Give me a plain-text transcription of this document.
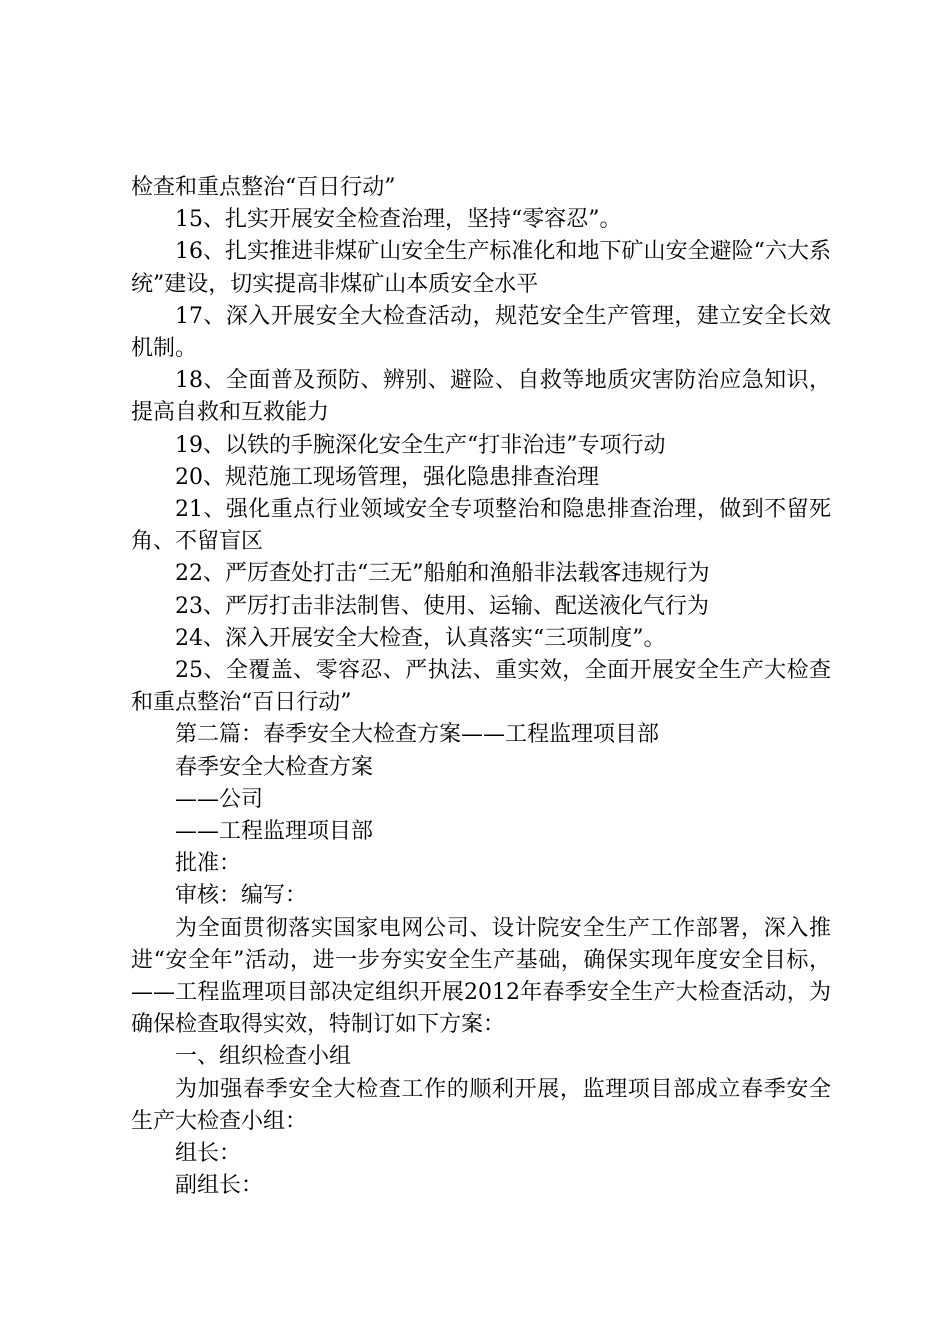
检查和重点整治“百日行动”

15、扎实开展安全检查治理，坚持“零容忍”。

16、扎实推进非煤矿山安全生产标准化和地下矿山安全避险“六大系统”建设，切实提高非煤矿山本质安全水平

17、深入开展安全大检查活动，规范安全生产管理，建立安全长效机制。

18、全面普及预防、辨别、避险、自救等地质灾害防治应急知识，提高自救和互救能力

19、以铁的手腕深化安全生产“打非治违”专项行动

20、规范施工现场管理，强化隐患排查治理

21、强化重点行业领域安全专项整治和隐患排查治理，做到不留死角、不留盲区

22、严厉查处打击“三无”船舶和渔船非法载客违规行为

23、严厉打击非法制售、使用、运输、配送液化气行为

24、深入开展安全大检查，认真落实“三项制度”。

25、全覆盖、零容忍、严执法、重实效，全面开展安全生产大检查和重点整治“百日行动”

第二篇：春季安全大检查方案——工程监理项目部

春季安全大检查方案

——公司

——工程监理项目部

批准：

审核：编写：

为全面贯彻落实国家电网公司、设计院安全生产工作部署，深入推进“安全年”活动，进一步夯实安全生产基础，确保实现年度安全目标，——工程监理项目部决定组织开展2012年春季安全生产大检查活动，为确保检查取得实效，特制订如下方案：

一、组织检查小组

为加强春季安全大检查工作的顺利开展，监理项目部成立春季安全生产大检查小组：

组长：

副组长：
